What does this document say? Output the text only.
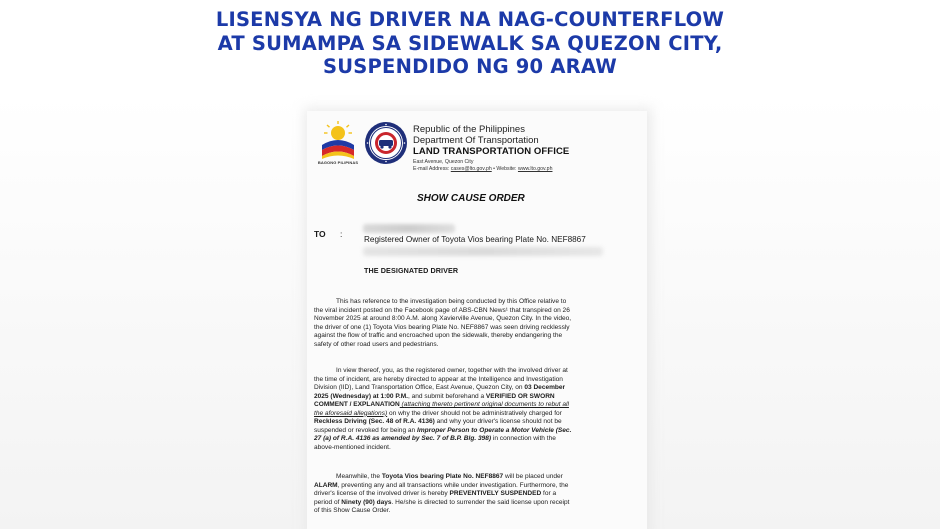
LISENSYA NG DRIVER NA NAG-COUNTERFLOW
AT SUMAMPA SA SIDEWALK SA QUEZON CITY,
SUSPENDIDO NG 90 ARAW
BAGONG PILIPINAS
Republic of the Philippines
Department Of Transportation
LAND TRANSPORTATION OFFICE
East Avenue, Quezon City
E-mail Address: cases@lto.gov.ph • Website: www.lto.gov.ph
SHOW CAUSE ORDER
TO :
Registered Owner of Toyota Vios bearing Plate No. NEF8867
THE DESIGNATED DRIVER
This has reference to the investigation being conducted by this Office relative to
the viral incident posted on the Facebook page of ABS-CBN News¹ that transpired on 26
November 2025 at around 8:00 A.M. along Xavierville Avenue, Quezon City. In the video,
the driver of one (1) Toyota Vios bearing Plate No. NEF8867 was seen driving recklessly
against the flow of traffic and encroached upon the sidewalk, thereby endangering the
safety of other road users and pedestrians.
In view thereof, you, as the registered owner, together with the involved driver at
the time of incident, are hereby directed to appear at the Intelligence and Investigation
Division (IID), Land Transportation Office, East Avenue, Quezon City, on 03 December
2025 (Wednesday) at 1:00 P.M., and submit beforehand a VERIFIED OR SWORN
COMMENT / EXPLANATION (attaching thereto pertinent original documents to rebut all
the aforesaid allegations) on why the driver should not be administratively charged for
Reckless Driving (Sec. 48 of R.A. 4136) and why your driver's license should not be
suspended or revoked for being an Improper Person to Operate a Motor Vehicle (Sec.
27 (a) of R.A. 4136 as amended by Sec. 7 of B.P. Blg. 398) in connection with the
above-mentioned incident.
Meanwhile, the Toyota Vios bearing Plate No. NEF8867 will be placed under
ALARM, preventing any and all transactions while under investigation. Furthermore, the
driver's license of the involved driver is hereby PREVENTIVELY SUSPENDED for a
period of Ninety (90) days. He/she is directed to surrender the said license upon receipt
of this Show Cause Order.
